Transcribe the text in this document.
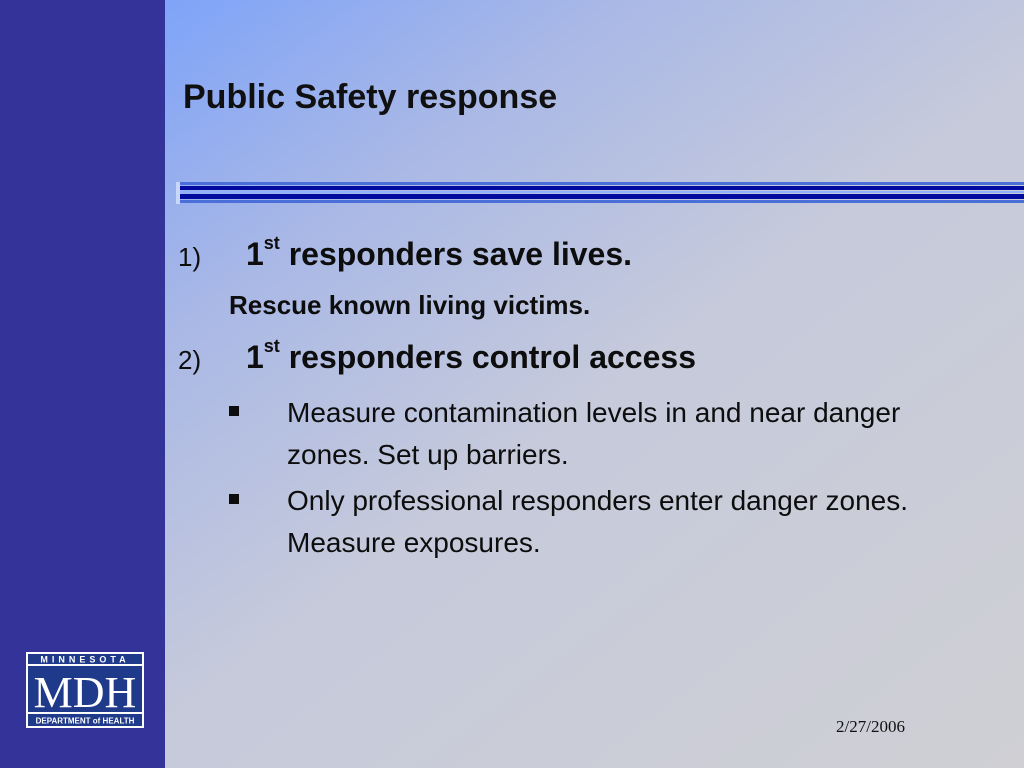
Public Safety response
1) 1st responders save lives.
Rescue known living victims.
2) 1st responders control access
Measure contamination levels in and near danger zones. Set up barriers.
Only professional responders enter danger zones. Measure exposures.
MINNESOTA
MDH
DEPARTMENT of HEALTH	2/27/2006
